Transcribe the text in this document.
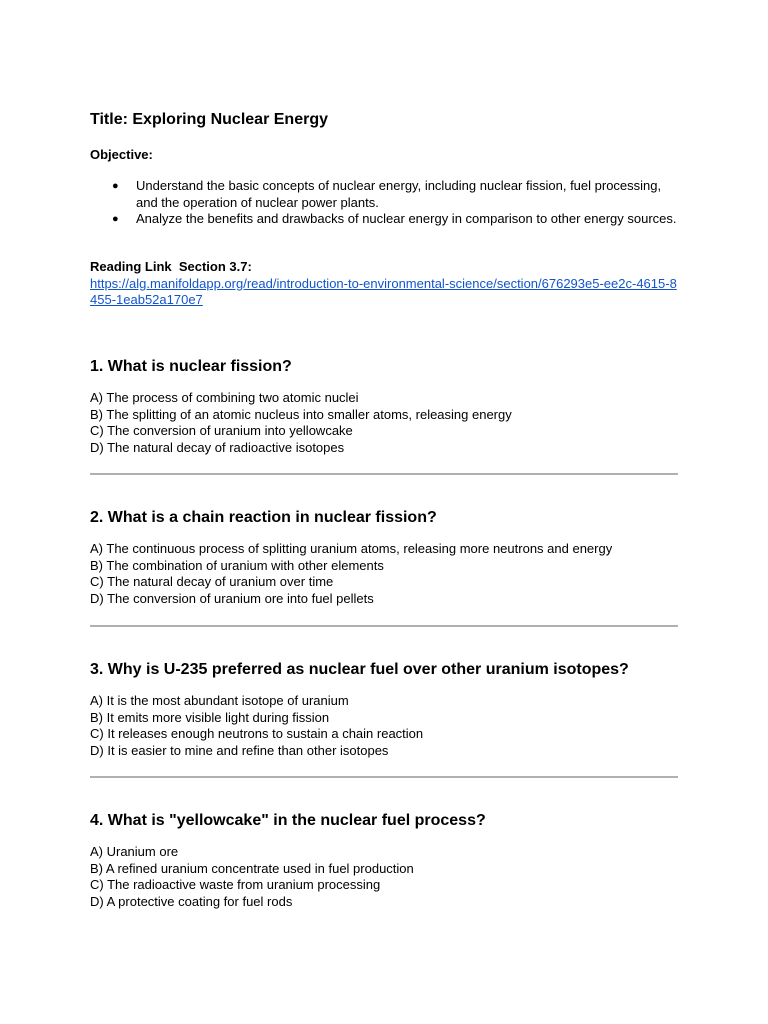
Title: Exploring Nuclear Energy
Objective:
● Understand the basic concepts of nuclear energy, including nuclear fission, fuel processing, and the operation of nuclear power plants.
● Analyze the benefits and drawbacks of nuclear energy in comparison to other energy sources.
Reading Link  Section 3.7:
https://alg.manifoldapp.org/read/introduction-to-environmental-science/section/676293e5-ee2c-4615-8455-1eab52a170e7
1. What is nuclear fission?
A) The process of combining two atomic nuclei
B) The splitting of an atomic nucleus into smaller atoms, releasing energy
C) The conversion of uranium into yellowcake
D) The natural decay of radioactive isotopes
2. What is a chain reaction in nuclear fission?
A) The continuous process of splitting uranium atoms, releasing more neutrons and energy
B) The combination of uranium with other elements
C) The natural decay of uranium over time
D) The conversion of uranium ore into fuel pellets
3. Why is U-235 preferred as nuclear fuel over other uranium isotopes?
A) It is the most abundant isotope of uranium
B) It emits more visible light during fission
C) It releases enough neutrons to sustain a chain reaction
D) It is easier to mine and refine than other isotopes
4. What is "yellowcake" in the nuclear fuel process?
A) Uranium ore
B) A refined uranium concentrate used in fuel production
C) The radioactive waste from uranium processing
D) A protective coating for fuel rods
